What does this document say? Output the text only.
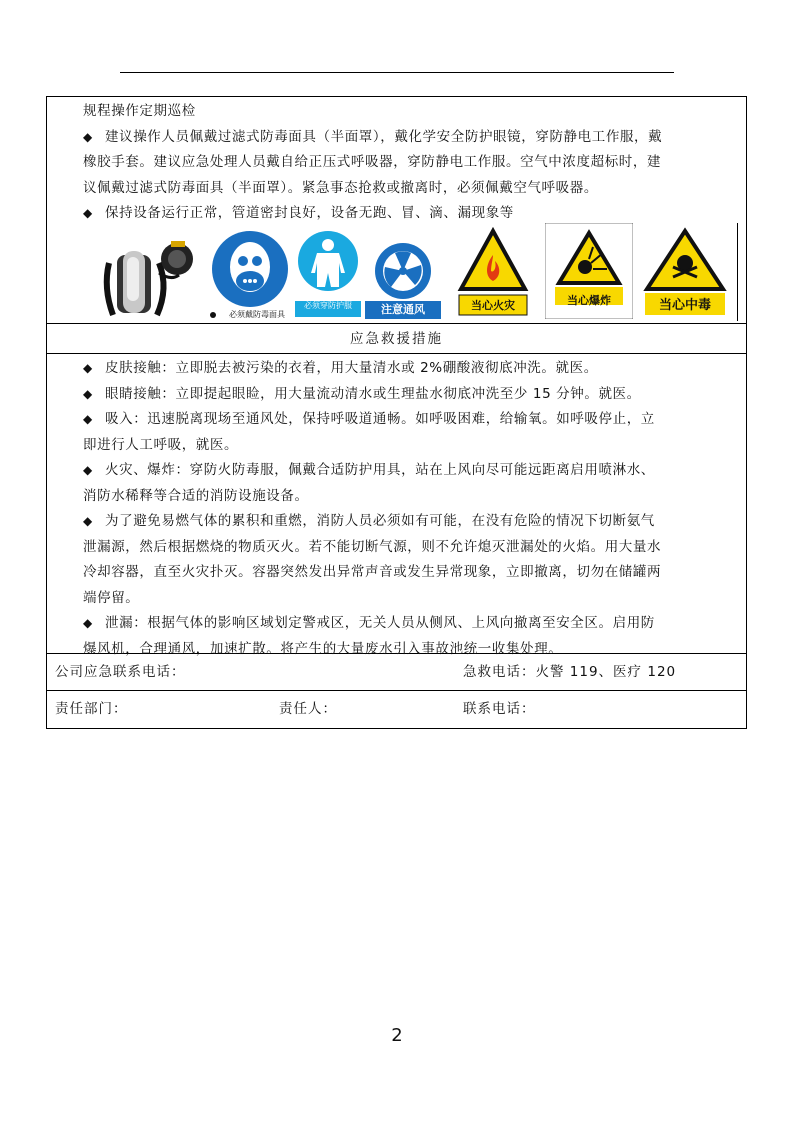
规程操作定期巡检
◆ 建议操作人员佩戴过滤式防毒面具（半面罩），戴化学安全防护眼镜，穿防静电工作服，戴
橡胶手套。建议应急处理人员戴自给正压式呼吸器，穿防静电工作服。空气中浓度超标时，建
议佩戴过滤式防毒面具（半面罩）。紧急事态抢救或撤离时，必须佩戴空气呼吸器。
◆ 保持设备运行正常，管道密封良好，设备无跑、冒、滴、漏现象等
必须戴防毒面具
必须穿防护服	注意通风	当心火灾	当心爆炸	当心中毒
应急救援措施
◆ 皮肤接触：立即脱去被污染的衣着，用大量清水或 2%硼酸液彻底冲洗。就医。
◆ 眼睛接触：立即提起眼睑，用大量流动清水或生理盐水彻底冲洗至少 15 分钟。就医。
◆ 吸入：迅速脱离现场至通风处，保持呼吸道通畅。如呼吸困难，给输氧。如呼吸停止，立
即进行人工呼吸，就医。
◆ 火灾、爆炸：穿防火防毒服，佩戴合适防护用具，站在上风向尽可能远距离启用喷淋水、
消防水稀释等合适的消防设施设备。
◆ 为了避免易燃气体的累积和重燃，消防人员必须如有可能，在没有危险的情况下切断氨气
泄漏源，然后根据燃烧的物质灭火。若不能切断气源，则不允许熄灭泄漏处的火焰。用大量水
冷却容器，直至火灾扑灭。容器突然发出异常声音或发生异常现象，立即撤离，切勿在储罐两
端停留。
◆ 泄漏：根据气体的影响区域划定警戒区，无关人员从侧风、上风向撤离至安全区。启用防
爆风机，合理通风，加速扩散。将产生的大量废水引入事故池统一收集处理。
公司应急联系电话：	急救电话：火警 119、医疗 120
责任部门：	责任人：	联系电话：
2
